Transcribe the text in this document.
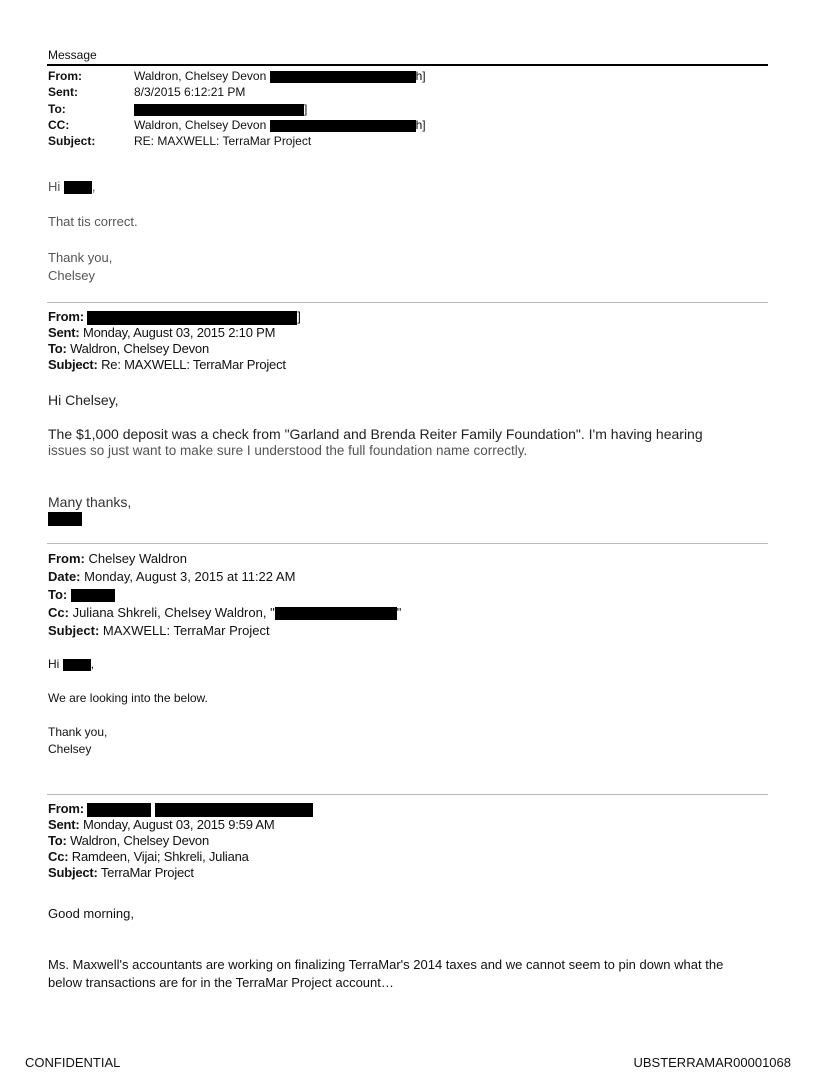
Message
From:	Waldron, Chelsey Devon	h]
Sent:	8/3/2015 6:12:21 PM
To:	]
CC:	Waldron, Chelsey Devon	h]
Subject:	RE: MAXWELL: TerraMar Project
Hi ,
That tis correct.
Thank you,
Chelsey
From:	]
Sent: Monday, August 03, 2015 2:10 PM
To: Waldron, Chelsey Devon
Subject: Re: MAXWELL: TerraMar Project
Hi Chelsey,
The $1,000 deposit was a check from "Garland and Brenda Reiter Family Foundation". I'm having hearing
issues so just want to make sure I understood the full foundation name correctly.
Many thanks,
From: Chelsey Waldron
Date: Monday, August 3, 2015 at 11:22 AM
To:
Cc: Juliana Shkreli, Chelsey Waldron, "	"
Subject: MAXWELL: TerraMar Project
Hi	,
We are looking into the below.
Thank you,
Chelsey
From:
Sent: Monday, August 03, 2015 9:59 AM
To: Waldron, Chelsey Devon
Cc: Ramdeen, Vijai; Shkreli, Juliana
Subject: TerraMar Project
Good morning,
Ms. Maxwell's accountants are working on finalizing TerraMar's 2014 taxes and we cannot seem to pin down what the
below transactions are for in the TerraMar Project account…
CONFIDENTIAL	UBSTERRAMAR00001068
